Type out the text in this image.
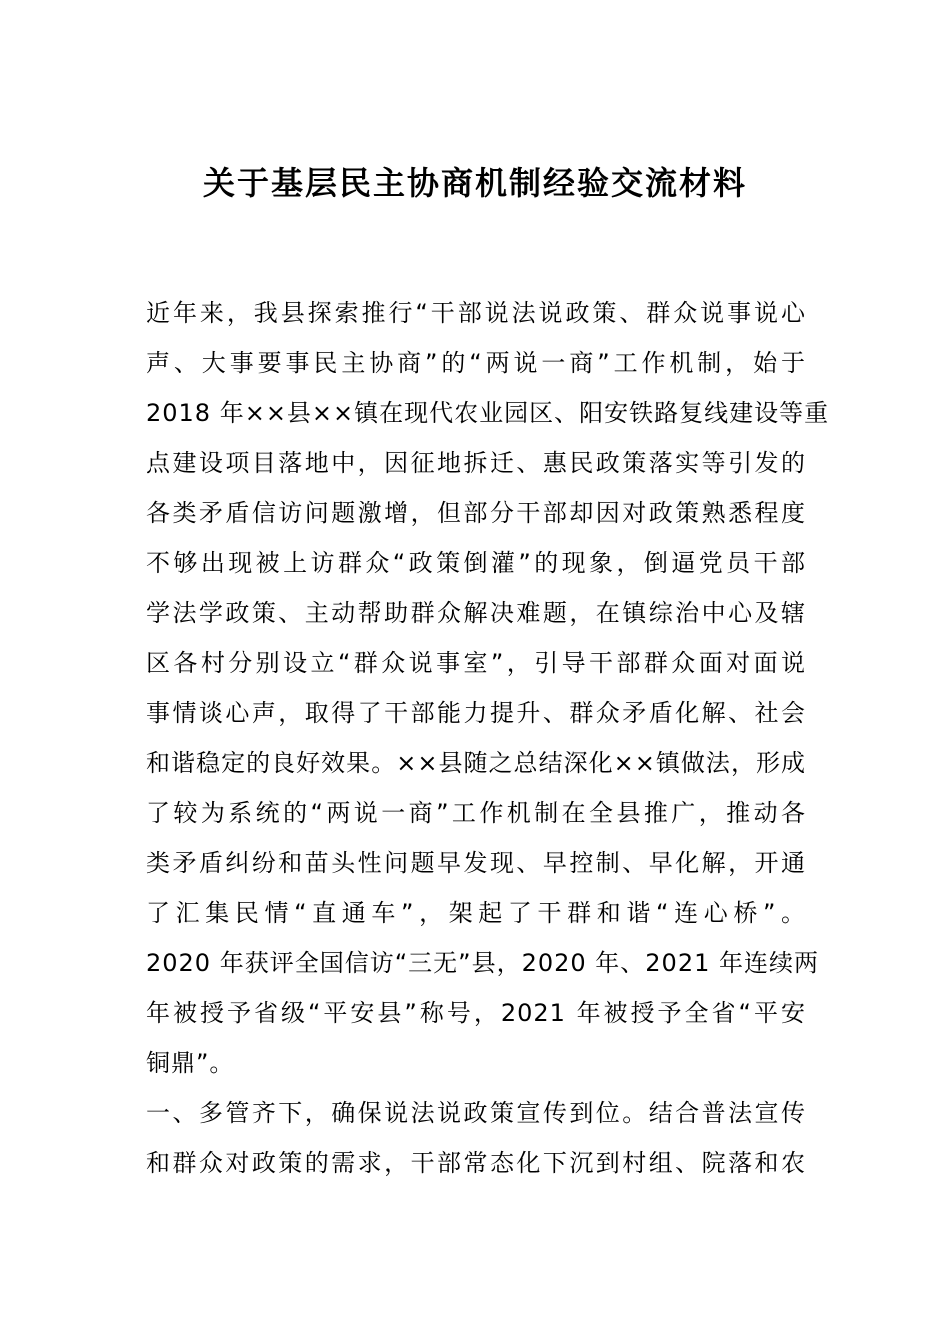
关于基层民主协商机制经验交流材料
近年来，我县探索推行“干部说法说政策、群众说事说心
声、大事要事民主协商”的“两说一商”工作机制，始于
2018 年××县××镇在现代农业园区、阳安铁路复线建设等重
点建设项目落地中，因征地拆迁、惠民政策落实等引发的
各类矛盾信访问题激增，但部分干部却因对政策熟悉程度
不够出现被上访群众“政策倒灌”的现象，倒逼党员干部
学法学政策、主动帮助群众解决难题，在镇综治中心及辖
区各村分别设立“群众说事室”，引导干部群众面对面说
事情谈心声，取得了干部能力提升、群众矛盾化解、社会
和谐稳定的良好效果。××县随之总结深化××镇做法，形成
了较为系统的“两说一商”工作机制在全县推广，推动各
类矛盾纠纷和苗头性问题早发现、早控制、早化解，开通
了汇集民情“直通车”，架起了干群和谐“连心桥”。
2020 年获评全国信访“三无”县，2020 年、2021 年连续两
年被授予省级“平安县”称号，2021 年被授予全省“平安
铜鼎”。
一、多管齐下，确保说法说政策宣传到位。结合普法宣传
和群众对政策的需求，干部常态化下沉到村组、院落和农
